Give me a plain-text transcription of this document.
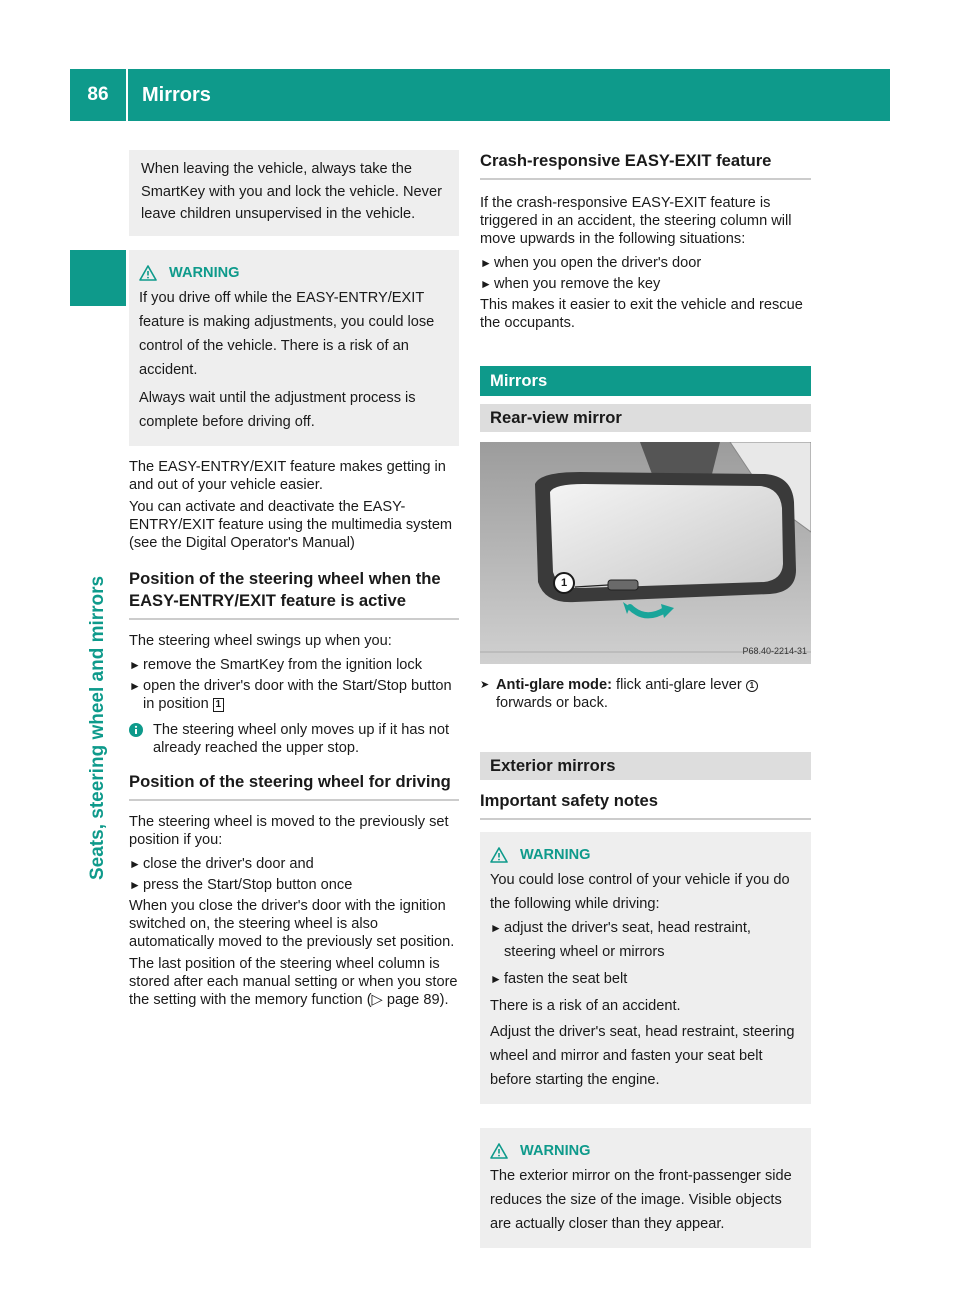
86	Mirrors
Seats, steering wheel and mirrors

When leaving the vehicle, always take the SmartKey with you and lock the vehicle. Never leave children unsupervised in the vehicle.

WARNING

If you drive off while the EASY-ENTRY/EXIT feature is making adjustments, you could lose control of the vehicle. There is a risk of an accident.

Always wait until the adjustment process is complete before driving off.

The EASY-ENTRY/EXIT feature makes getting in and out of your vehicle easier.

You can activate and deactivate the EASY-ENTRY/EXIT feature using the multimedia system (see the Digital Operator's Manual)

Position of the steering wheel when the EASY-ENTRY/EXIT feature is active

The steering wheel swings up when you:

► remove the SmartKey from the ignition lock
► open the driver's door with the Start/Stop button in position 1
The steering wheel only moves up if it has not already reached the upper stop.
Position of the steering wheel for driving

The steering wheel is moved to the previously set position if you:

► close the driver's door and
► press the Start/Stop button once

When you close the driver's door with the ignition switched on, the steering wheel is also automatically moved to the previously set position.

The last position of the steering wheel column is stored after each manual setting or when you store the setting with the memory function (▷ page 89).

Crash-responsive EASY-EXIT feature

If the crash-responsive EASY-EXIT feature is triggered in an accident, the steering column will move upwards in the following situations:

► when you open the driver's door
► when you remove the key

This makes it easier to exit the vehicle and rescue the occupants.

Mirrors
Rear-view mirror
1
P68.40-2214-31
➤ Anti-glare mode: flick anti-glare lever 1 forwards or back.
Exterior mirrors
Important safety notes
WARNING

You could lose control of your vehicle if you do the following while driving:

► adjust the driver's seat, head restraint, steering wheel or mirrors
► fasten the seat belt

There is a risk of an accident.

Adjust the driver's seat, head restraint, steering wheel and mirror and fasten your seat belt before starting the engine.

WARNING

The exterior mirror on the front-passenger side reduces the size of the image. Visible objects are actually closer than they appear.
